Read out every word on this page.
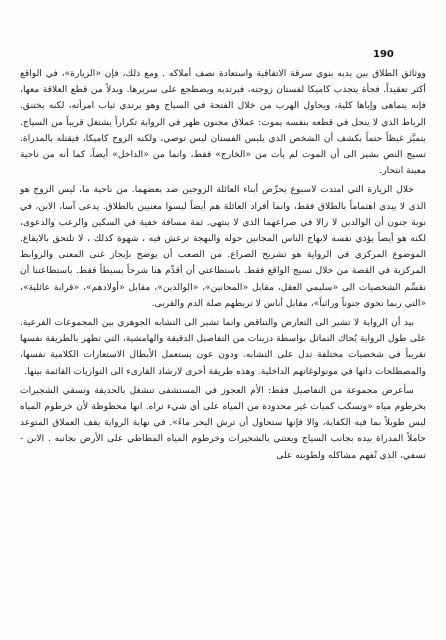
190

ووثائق الطلاق بين يديه بنوي سرقة الاتفاقية واستعادة نصف أملاكه . ومع ذلك، فإن «الزيارة»، في الواقع أكثر تعقيداً. فجأة يتجذب كاميكا لفستان زوجته، فيرتديه ويضطجع على سريرها. وبدلاً من قطع العلاقة معها، فإنه يتماهى وإياها كلية، ويحاول الهرب من خلال الفتحة في السياج وهو يرتدي ثياب امرأته، لكنه يختنق. الرباط الذي لا ينحل في قطعه بنفسه يموت: عملاق مجنون ظهر في الرواية تكراراً يشتغل قريباً من السياج. يتميَّز غيظاً حتماً بكشف أن الشخص الذي يلبس الفستان ليس توصي، ولكنه الزوج كاميكا، فيقتله بالمدراة. تسيج النص بشير الى أن الموت لم يأت من «الخارج» فقط، وانما من «الداخل» أيضاً، كما أنه من ناحية معينة انتحار.

خلال الزيارة التي امتدت لاسبوع يحرِّض أبناء العائلة الزوجين ضد بعضهما. من ناحية ما، ليس الزوج هو الذي لا يبدي اهتماماً بالطلاق فقط، وانما أفراد العائلة هم أيضاً ليسوا معنيين بالطلاق. يدعى آسا، الابن، في نوبة جنون أن الوالدين لا زالا في صراعهما الذي لا ينتهي. ثمة مسافة خفية في السكين والرعب والدعوى، لكنه هو أيضاً يؤذي نفسه لابهاج الناس المجانين حوله والبهجة ترعش فيه ، شهوة كذلك ، لا تلتحق بالايقاع. الموضوع المركزي في الرواية هو تشريح الصراع. من الصعب أن يوضح بإيجاز غنى المعنى والروابط المركزية في القصة من خلال تسيج الواقع فقط. باستطاعتي أن أقدِّم هنا شرحاً بسيطاً فقط. باستطاعتنا أن نقسِّم الشخصيات الى «سليمي العقل، مقابل «المجانين»، «الوالدين»، مقابل «أولادهم»، «قرابة عائلية»، «التي ربما تحوي جنوناً وراثياً»، مقابل أناس لا تربطهم صلة الدم والقربى.

بيد أن الرواية لا تشير الى التعارض والتناقض وانما تشير الى التشابه الجوهري بين المجموعات الفرعية. على طول الرواية يُحاك التماثل بواسطة دزينات من التفاصيل الدقيقة والهامشية، التي تظهر بالطريقة نفسها تقريباً في شخصيات مختلفة تدل على التشابه. ودون عون يستعمل الأبطال الاستعارات الكلامية نفسها، والمصطلحات ذاتها في مونولوغاتهم الداخلية. وهذه طريقة أخرى لارشاد القارىء الى التوازيات القائمة بينها.

سأعرض مجموعة من التفاصيل فقط: الأم العجوز في المستشفى تنشغل بالحديقة وتسقي الشجيرات بخرطوم مياه «وتسكب كميات غير محدودة من المياه على أي شيء تراه. انها محظوظة لأن خرطوم المياه ليس طويلاً بما فيه الكفاية، والا فإنها ستحاول أن ترش البحر ماءً». في نهاية الرواية يقف العملاق المتوعد حاملاً المدراة بيده بجانب السياج ويعتني بالشجيرات وخرطوم المياه المطاطي على الأرض بجانبه . الابن - تسفي، الذي تُفهم مشاكله ولطوبته على
